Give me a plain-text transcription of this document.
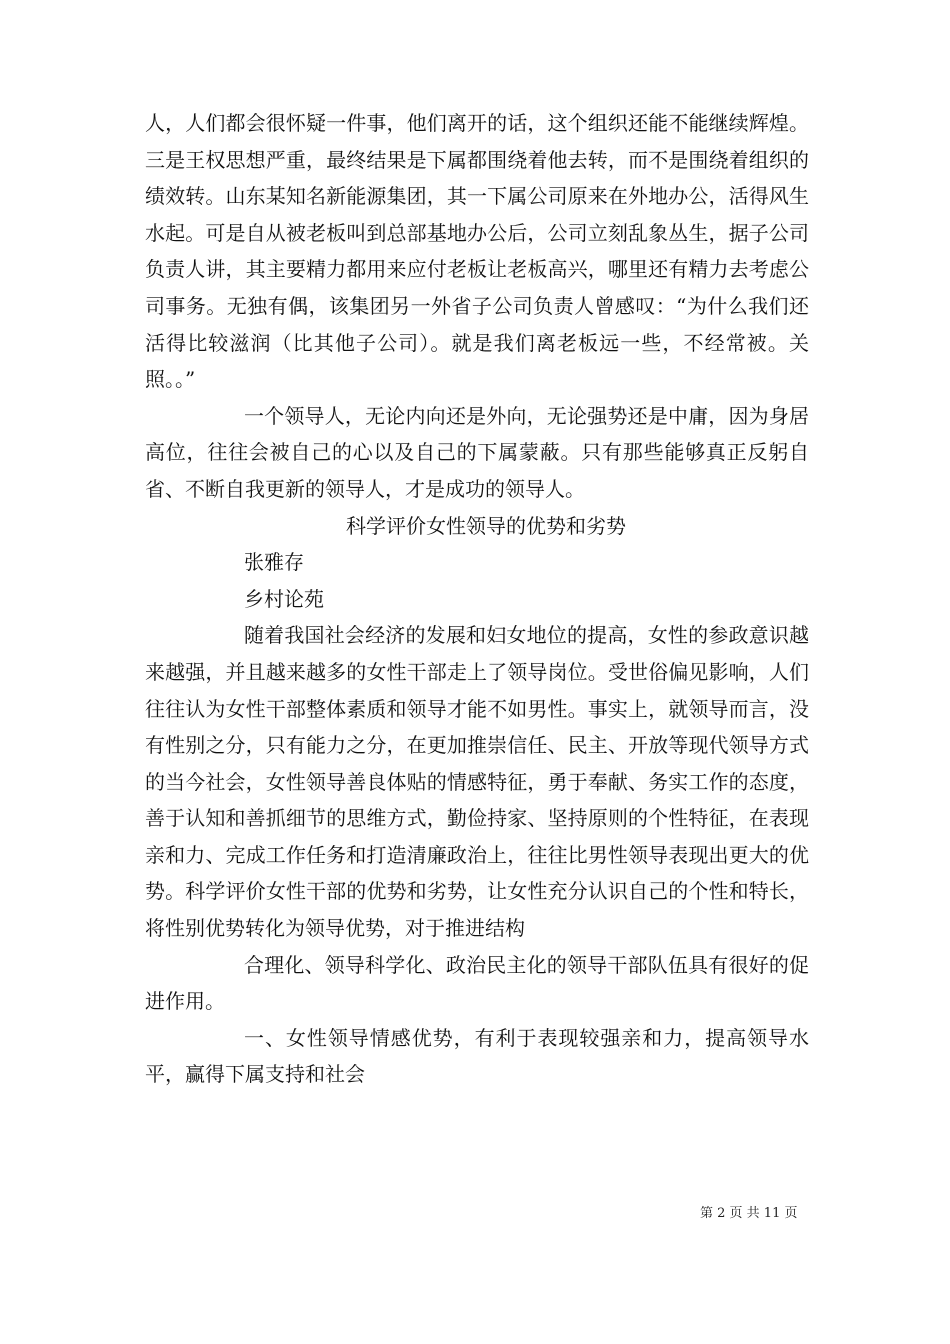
人，人们都会很怀疑一件事，他们离开的话，这个组织还能不能继续辉煌。三是王权思想严重，最终结果是下属都围绕着他去转，而不是围绕着组织的绩效转。山东某知名新能源集团，其一下属公司原来在外地办公，活得风生水起。可是自从被老板叫到总部基地办公后，公司立刻乱象丛生，据子公司负责人讲，其主要精力都用来应付老板让老板高兴，哪里还有精力去考虑公司事务。无独有偶，该集团另一外省子公司负责人曾感叹：“为什么我们还活得比较滋润（比其他子公司）。就是我们离老板远一些，不经常被。关照。。”

一个领导人，无论内向还是外向，无论强势还是中庸，因为身居高位，往往会被自己的心以及自己的下属蒙蔽。只有那些能够真正反躬自省、不断自我更新的领导人，才是成功的领导人。

科学评价女性领导的优势和劣势

张雅存

乡村论苑

随着我国社会经济的发展和妇女地位的提高，女性的参政意识越来越强，并且越来越多的女性干部走上了领导岗位。受世俗偏见影响，人们往往认为女性干部整体素质和领导才能不如男性。事实上，就领导而言，没有性别之分，只有能力之分，在更加推崇信任、民主、开放等现代领导方式的当今社会，女性领导善良体贴的情感特征，勇于奉献、务实工作的态度，善于认知和善抓细节的思维方式，勤俭持家、坚持原则的个性特征，在表现亲和力、完成工作任务和打造清廉政治上，往往比男性领导表现出更大的优势。科学评价女性干部的优势和劣势，让女性充分认识自己的个性和特长，将性别优势转化为领导优势，对于推进结构

合理化、领导科学化、政治民主化的领导干部队伍具有很好的促进作用。

一、女性领导情感优势，有利于表现较强亲和力，提高领导水平，赢得下属支持和社会

第 2 页 共 11 页
